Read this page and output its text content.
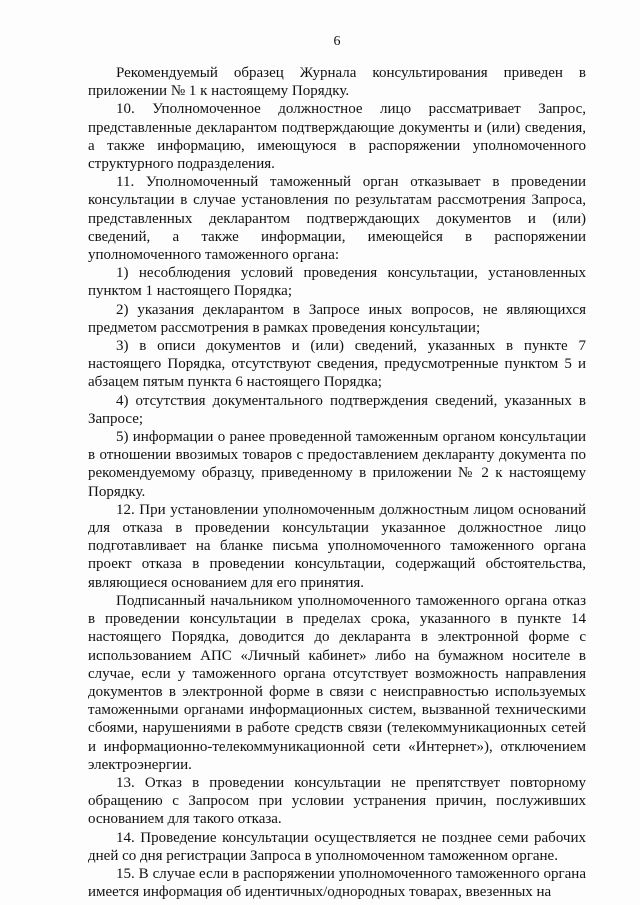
6

Рекомендуемый образец Журнала консультирования приведен в приложении № 1 к настоящему Порядку.

10. Уполномоченное должностное лицо рассматривает Запрос, представленные декларантом подтверждающие документы и (или) сведения, а также информацию, имеющуюся в распоряжении уполномоченного структурного подразделения.

11. Уполномоченный таможенный орган отказывает в проведении консультации в случае установления по результатам рассмотрения Запроса, представленных декларантом подтверждающих документов и (или) сведений, а также информации, имеющейся в распоряжении уполномоченного таможенного органа:

1) несоблюдения условий проведения консультации, установленных пунктом 1 настоящего Порядка;

2) указания декларантом в Запросе иных вопросов, не являющихся предметом рассмотрения в рамках проведения консультации;

3) в описи документов и (или) сведений, указанных в пункте 7 настоящего Порядка, отсутствуют сведения, предусмотренные пунктом 5 и абзацем пятым пункта 6 настоящего Порядка;

4) отсутствия документального подтверждения сведений, указанных в Запросе;

5) информации о ранее проведенной таможенным органом консультации в отношении ввозимых товаров с предоставлением декларанту документа по рекомендуемому образцу, приведенному в приложении № 2 к настоящему Порядку.

12. При установлении уполномоченным должностным лицом оснований для отказа в проведении консультации указанное должностное лицо подготавливает на бланке письма уполномоченного таможенного органа проект отказа в проведении консультации, содержащий обстоятельства, являющиеся основанием для его принятия.

Подписанный начальником уполномоченного таможенного органа отказ в проведении консультации в пределах срока, указанного в пункте 14 настоящего Порядка, доводится до декларанта в электронной форме с использованием АПС «Личный кабинет» либо на бумажном носителе в случае, если у таможенного органа отсутствует возможность направления документов в электронной форме в связи с неисправностью используемых таможенными органами информационных систем, вызванной техническими сбоями, нарушениями в работе средств связи (телекоммуникационных сетей и информационно-телекоммуникационной сети «Интернет»), отключением электроэнергии.

13. Отказ в проведении консультации не препятствует повторному обращению с Запросом при условии устранения причин, послуживших основанием для такого отказа.

14. Проведение консультации осуществляется не позднее семи рабочих дней со дня регистрации Запроса в уполномоченном таможенном органе.

15. В случае если в распоряжении уполномоченного таможенного органа имеется информация об идентичных/однородных товарах, ввезенных на
